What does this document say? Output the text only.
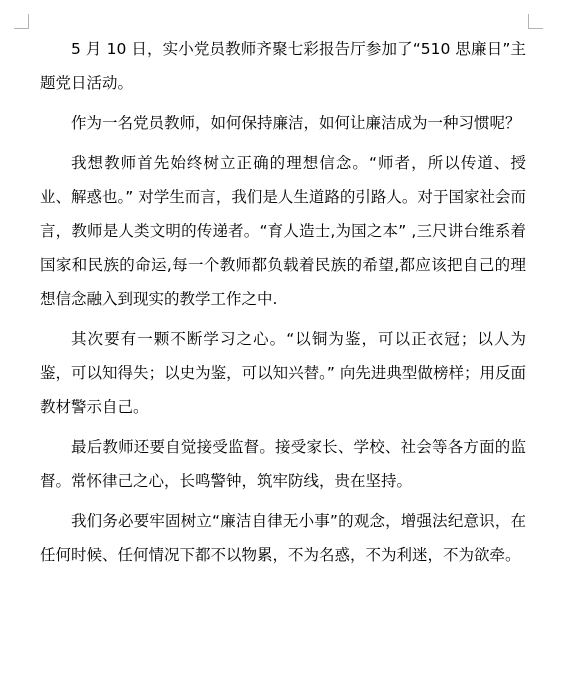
5 月 10 日，实小党员教师齐聚七彩报告厅参加了“510 思廉日”主题党日活动。

作为一名党员教师，如何保持廉洁，如何让廉洁成为一种习惯呢？

我想教师首先始终树立正确的理想信念。“师者，所以传道、授业、解惑也。” 对学生而言，我们是人生道路的引路人。对于国家社会而言，教师是人类文明的传递者。“育人造士,为国之本” ,三尺讲台维系着国家和民族的命运,每一个教师都负载着民族的希望,都应该把自己的理想信念融入到现实的教学工作之中.

其次要有一颗不断学习之心。“以铜为鉴，可以正衣冠；以人为鉴，可以知得失；以史为鉴，可以知兴替。” 向先进典型做榜样；用反面教材警示自己。

最后教师还要自觉接受监督。接受家长、学校、社会等各方面的监督。常怀律己之心，长鸣警钟，筑牢防线，贵在坚持。

我们务必要牢固树立“廉洁自律无小事”的观念，增强法纪意识，在任何时候、任何情况下都不以物累，不为名惑，不为利迷，不为欲牵。
